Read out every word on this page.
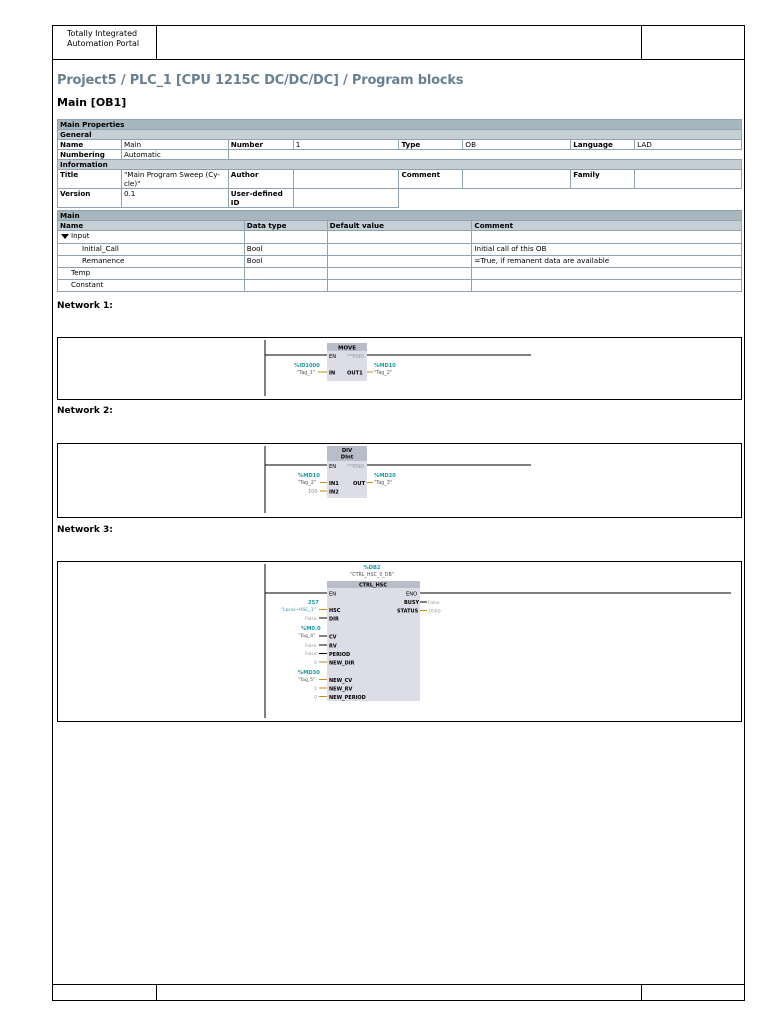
Totally Integrated
Automation Portal
Project5 / PLC_1 [CPU 1215C DC/DC/DC] / Program blocks
Main [OB1]
Main Properties							
General							
Name	Main	Number	1	Type	OB	Language	LAD
Numbering	Automatic						
Information							
Title	"Main Program Sweep (Cy-cle)"	Author		Comment		Family	
Version	0.1	User-defined ID					
Main			
Name	Data type	Default value	Comment
Input			
Initial_Call	Bool		Initial call of this OB
Remanence	Bool		=True, if remanent data are available
Temp			
Constant			
Network 1:
MOVE
EN	ENO
%ID1000
"Tag_1"	IN OUT1
%MD10
"Tag_2"
Network 2:
DIV
DInt
EN	ENO
%MD10
"Tag_2"	IN1
100 IN2
OUT
%MD20
"Tag_3"
Network 3:
%DB2
"CTRL_HSC_0_DB"
CTRL_HSC
EN	ENO
BUSY False
STATUS 16#0
257
"Local~HSC_1"	HSC
False DIR
%M0.0
"Tag_4"	CV
False RV
False PERIOD
0 NEW_DIR
%MD30
"Tag_5"	NEW_CV
0 NEW_RV
0 NEW_PERIOD
